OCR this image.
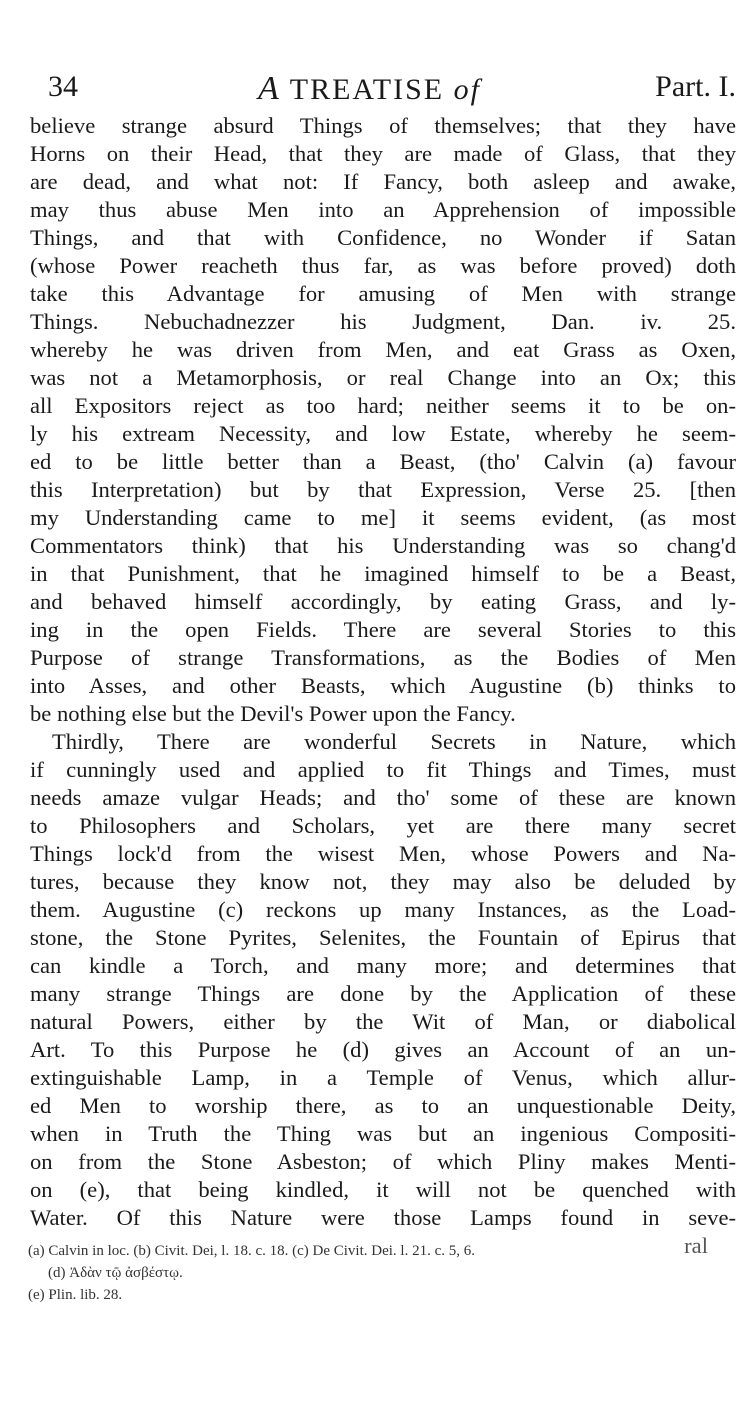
34	A TREATISE of	Part. I.
believe strange absurd Things of themselves; that they have
Horns on their Head, that they are made of Glass, that they
are dead, and what not: If Fancy, both asleep and awake,
may thus abuse Men into an Apprehension of impossible
Things, and that with Confidence, no Wonder if Satan
(whose Power reacheth thus far, as was before proved) doth
take this Advantage for amusing of Men with strange
Things. Nebuchadnezzer his Judgment, Dan. iv. 25.
whereby he was driven from Men, and eat Grass as Oxen,
was not a Metamorphosis, or real Change into an Ox; this
all Expositors reject as too hard; neither seems it to be on-
ly his extream Necessity, and low Estate, whereby he seem-
ed to be little better than a Beast, (tho' Calvin (a) favour
this Interpretation) but by that Expression, Verse 25. [then
my Understanding came to me] it seems evident, (as most
Commentators think) that his Understanding was so chang'd
in that Punishment, that he imagined himself to be a Beast,
and behaved himself accordingly, by eating Grass, and ly-
ing in the open Fields. There are several Stories to this
Purpose of strange Transformations, as the Bodies of Men
into Asses, and other Beasts, which Augustine (b) thinks to
be nothing else but the Devil's Power upon the Fancy.
Thirdly, There are wonderful Secrets in Nature, which
if cunningly used and applied to fit Things and Times, must
needs amaze vulgar Heads; and tho' some of these are known
to Philosophers and Scholars, yet are there many secret
Things lock'd from the wisest Men, whose Powers and Na-
tures, because they know not, they may also be deluded by
them. Augustine (c) reckons up many Instances, as the Load-
stone, the Stone Pyrites, Selenites, the Fountain of Epirus that
can kindle a Torch, and many more; and determines that
many strange Things are done by the Application of these
natural Powers, either by the Wit of Man, or diabolical
Art. To this Purpose he (d) gives an Account of an un-
extinguishable Lamp, in a Temple of Venus, which allur-
ed Men to worship there, as to an unquestionable Deity,
when in Truth the Thing was but an ingenious Compositi-
on from the Stone Asbeston; of which Pliny makes Menti-
on (e), that being kindled, it will not be quenched with
Water. Of this Nature were those Lamps found in seve-
ral
(a) Calvin in loc. (b) Civit. Dei, l. 18. c. 18. (c) De Civit. Dei. l. 21. c. 5, 6.
(d) Ἀδὰν τῷ ἀσβέστῳ.
(e) Plin. lib. 28.
